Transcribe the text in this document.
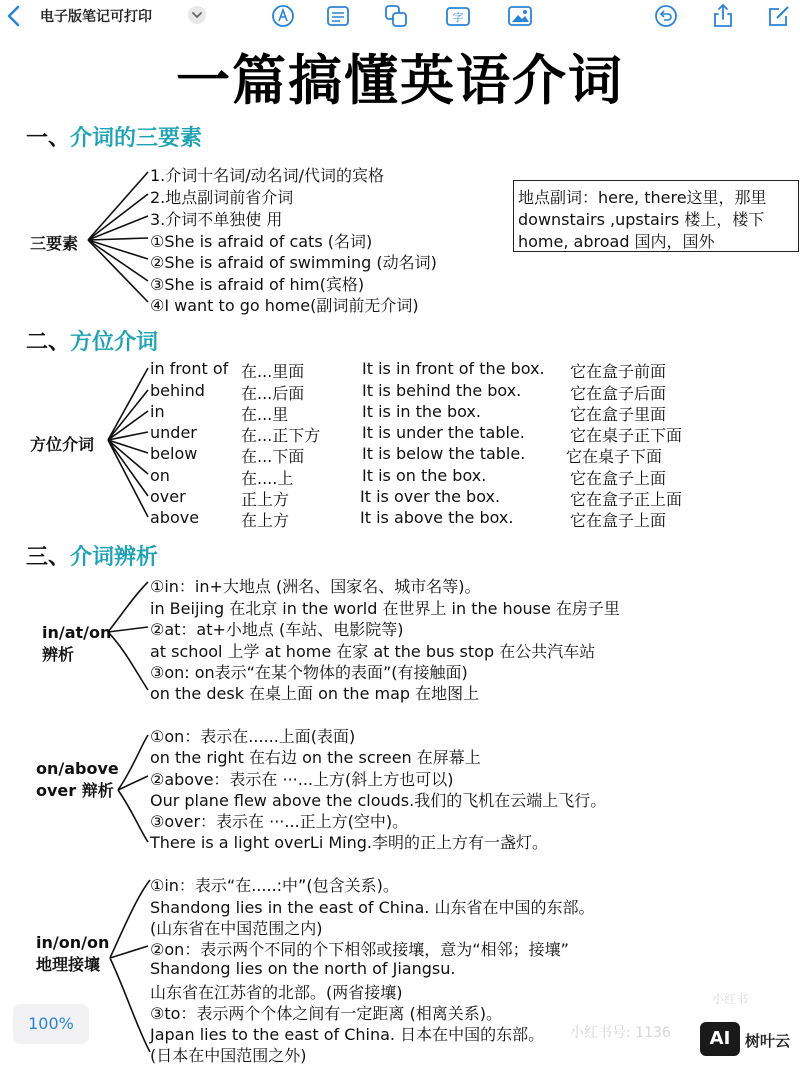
电子版笔记可打印	字
一篇搞懂英语介词
一、介词的三要素
三要素
1.介词十名词/动名词/代词的宾格
2.地点副词前省介词
3.介词不单独使 用
①She is afraid of cats (名词)
②She is afraid of swimming (动名词)
③She is afraid of him(宾格)
④I want to go home(副词前无介词)
地点副词：here, there这里，那里
downstairs ,upstairs 楼上，楼下
home, abroad 国内，国外
二、方位介词
方位介词
in front of 在...里面	It is in front of the box. 它在盒子前面
behind 在...后面	It is behind the box.	它在盒子后面
in	在...里	It is in the box.	它在盒子里面
under	在...正下方	It is under the table.	它在桌子正下面
below	在...下面	It is below the table.	它在桌子下面
on	在....上	It is on the box.	它在盒子上面
over	正上方	It is over the box.	它在盒子正上面
above	在上方	It is above the box.	它在盒子上面
三、介词辨析
in/at/on
辨析
①in：in+大地点 (洲名、国家名、城市名等)。
in Beijing 在北京 in the world 在世界上 in the house 在房子里
②at：at+小地点 (车站、电影院等)
at school 上学 at home 在家 at the bus stop 在公共汽车站
③on: on表示“在某个物体的表面”(有接触面)
on the desk 在桌上面 on the map 在地图上
on/above
over 辩析
①on：表示在......上面(表面)
on the right 在右边 on the screen 在屏幕上
②above：表示在 ···...上方(斜上方也可以)
Our plane flew above the clouds.我们的飞机在云端上飞行。
③over：表示在 ···...正上方(空中)。
There is a light overLi Ming.李明的正上方有一盏灯。
in/on/on
地理接壤
①in：表示“在.....:中”(包含关系)。
Shandong lies in the east of China. 山东省在中国的东部。
(山东省在中国范围之内)
②on：表示两个不同的个下相邻或接壤，意为“相邻；接壤”
Shandong lies on the north of Jiangsu.
山东省在江苏省的北部。(两省接壤)
③to：表示两个个体之间有一定距离 (相离关系)。
Japan lies to the east of China. 日本在中国的东部。
(日本在中国范围之外)
100%
小红书
小红书号: 1136	AI 树叶云
